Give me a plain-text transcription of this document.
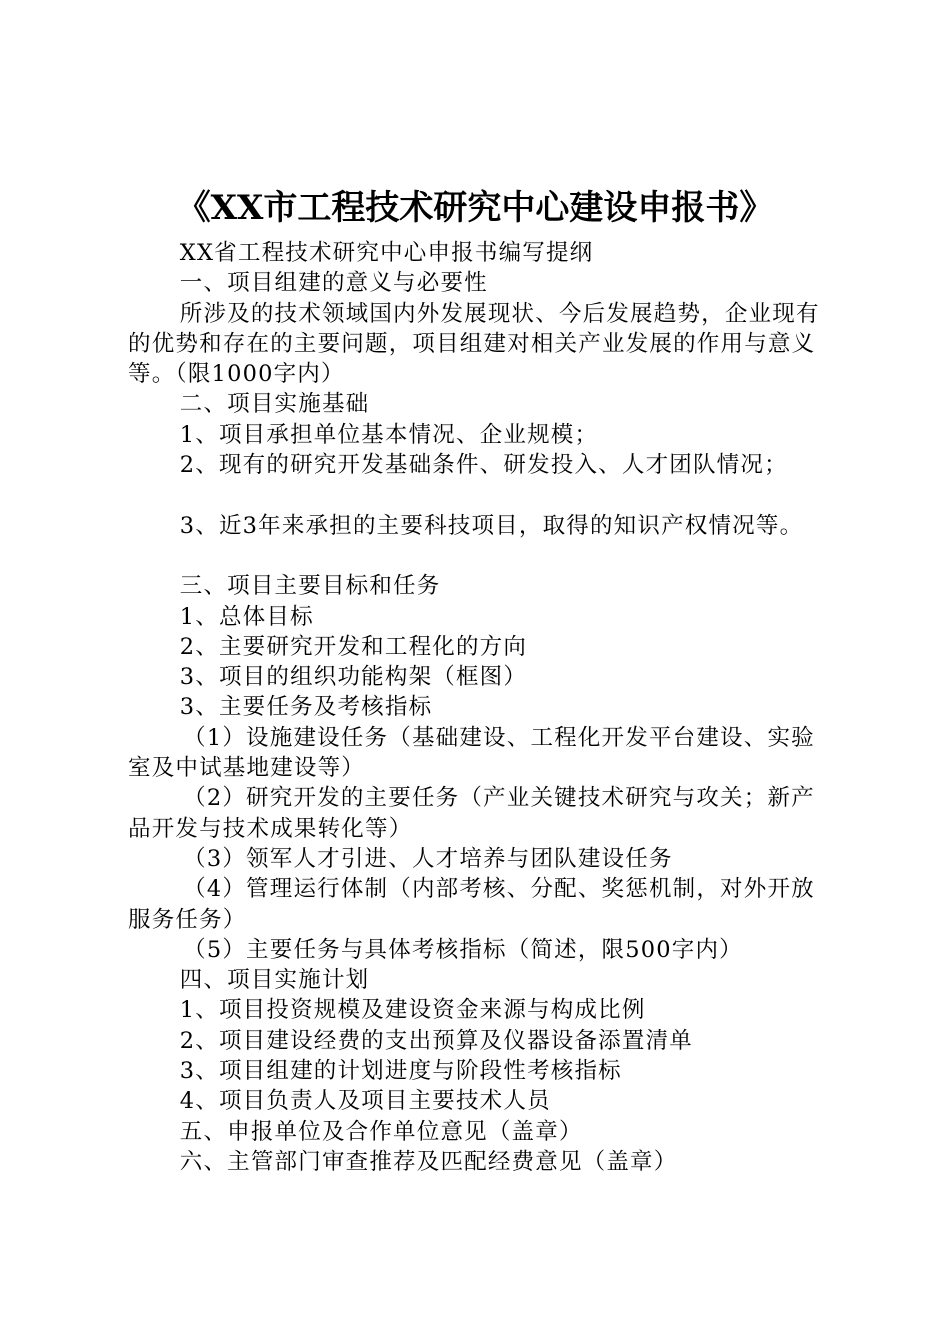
《XX市工程技术研究中心建设申报书》

XX省工程技术研究中心申报书编写提纲

一、项目组建的意义与必要性

所涉及的技术领域国内外发展现状、今后发展趋势，企业现有的优势和存在的主要问题，项目组建对相关产业发展的作用与意义等。（限1000字内）

二、项目实施基础

1、项目承担单位基本情况、企业规模；

2、现有的研究开发基础条件、研发投入、人才团队情况；

3、近3年来承担的主要科技项目，取得的知识产权情况等。

三、项目主要目标和任务

1、总体目标

2、主要研究开发和工程化的方向

3、项目的组织功能构架（框图）

3、主要任务及考核指标

（1）设施建设任务（基础建设、工程化开发平台建设、实验室及中试基地建设等）

（2）研究开发的主要任务（产业关键技术研究与攻关；新产品开发与技术成果转化等）

（3）领军人才引进、人才培养与团队建设任务

（4）管理运行体制（内部考核、分配、奖惩机制，对外开放服务任务）

（5）主要任务与具体考核指标（简述，限500字内）

四、项目实施计划

1、项目投资规模及建设资金来源与构成比例

2、项目建设经费的支出预算及仪器设备添置清单

3、项目组建的计划进度与阶段性考核指标

4、项目负责人及项目主要技术人员

五、申报单位及合作单位意见（盖章）

六、主管部门审查推荐及匹配经费意见（盖章）
